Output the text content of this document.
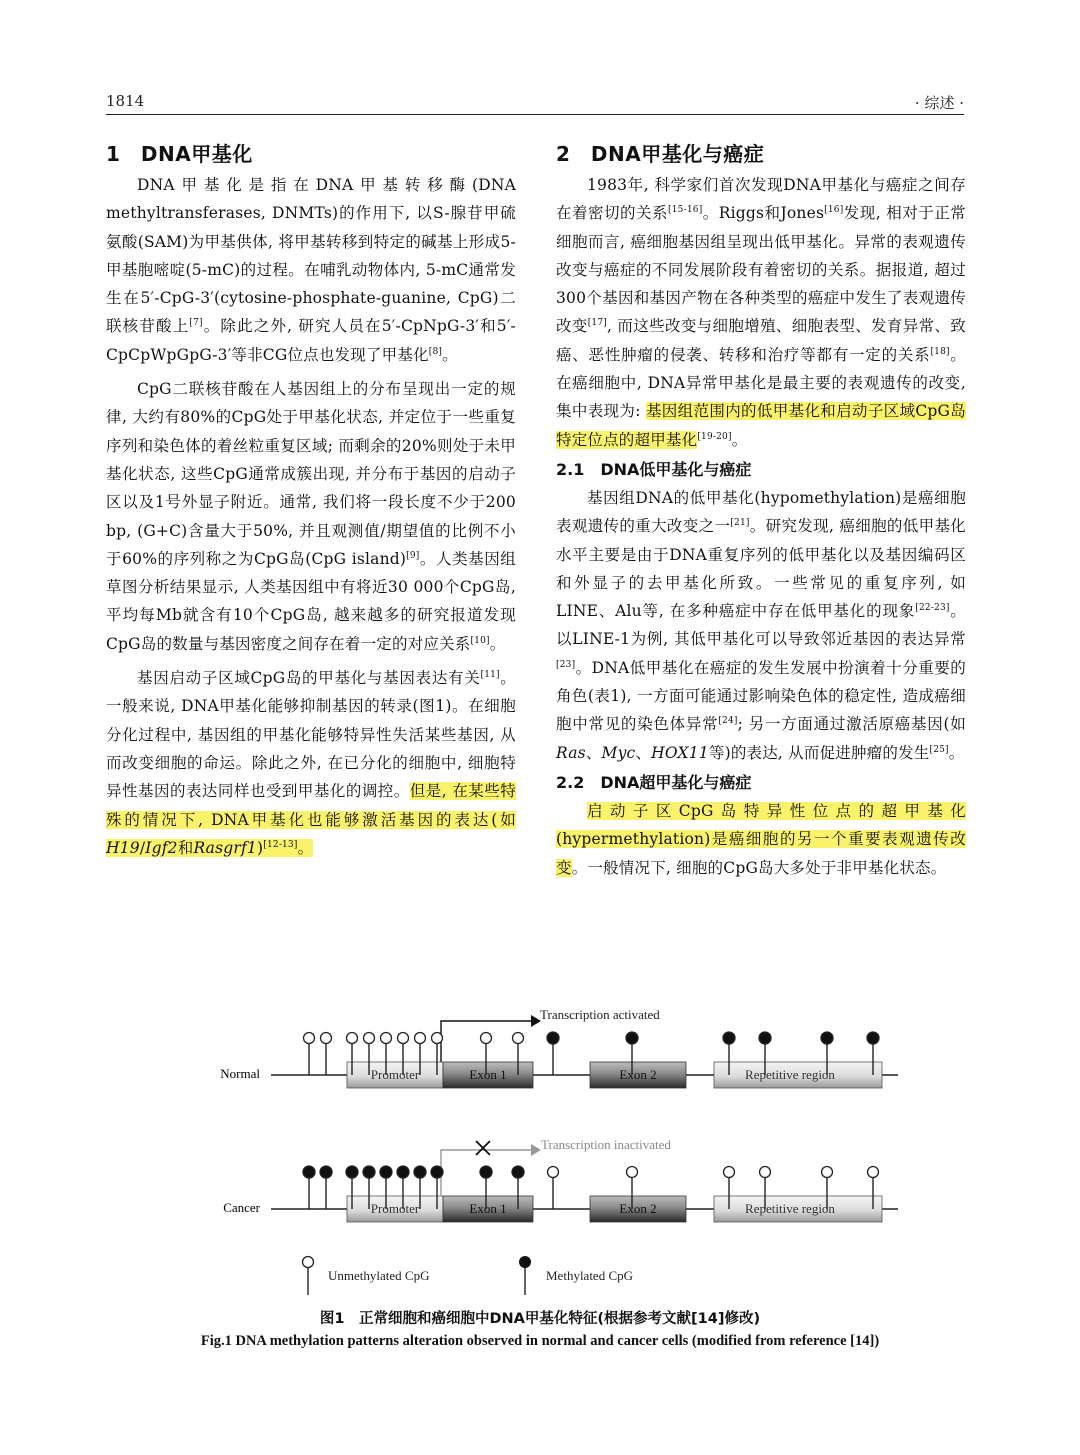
1814	· 综述 ·
1　DNA甲基化

DNA甲基化是指在DNA甲基转移酶(DNA methyltransferases, DNMTs)的作用下, 以S-腺苷甲硫氨酸(SAM)为甲基供体, 将甲基转移到特定的碱基上形成5-甲基胞嘧啶(5-mC)的过程。在哺乳动物体内, 5-mC通常发生在5′-CpG-3′(cytosine-phosphate-guanine, CpG)二联核苷酸上[7]。除此之外, 研究人员在5′-CpNpG-3′和5′-CpCpWpGpG-3′等非CG位点也发现了甲基化[8]。

CpG二联核苷酸在人基因组上的分布呈现出一定的规律, 大约有80%的CpG处于甲基化状态, 并定位于一些重复序列和染色体的着丝粒重复区域; 而剩余的20%则处于未甲基化状态, 这些CpG通常成簇出现, 并分布于基因的启动子区以及1号外显子附近。通常, 我们将一段长度不少于200 bp, (G+C)含量大于50%, 并且观测值/期望值的比例不小于60%的序列称之为CpG岛(CpG island)[9]。人类基因组草图分析结果显示, 人类基因组中有将近30 000个CpG岛, 平均每Mb就含有10个CpG岛, 越来越多的研究报道发现CpG岛的数量与基因密度之间存在着一定的对应关系[10]。

基因启动子区域CpG岛的甲基化与基因表达有关[11]。一般来说, DNA甲基化能够抑制基因的转录(图1)。在细胞分化过程中, 基因组的甲基化能够特异性失活某些基因, 从而改变细胞的命运。除此之外, 在已分化的细胞中, 细胞特异性基因的表达同样也受到甲基化的调控。但是, 在某些特殊的情况下, DNA甲基化也能够激活基因的表达(如H19/Igf2和Rasgrf1)[12-13]。

2　DNA甲基化与癌症

1983年, 科学家们首次发现DNA甲基化与癌症之间存在着密切的关系[15-16]。Riggs和Jones[16]发现, 相对于正常细胞而言, 癌细胞基因组呈现出低甲基化。异常的表观遗传改变与癌症的不同发展阶段有着密切的关系。据报道, 超过300个基因和基因产物在各种类型的癌症中发生了表观遗传改变[17], 而这些改变与细胞增殖、细胞表型、发育异常、致癌、恶性肿瘤的侵袭、转移和治疗等都有一定的关系[18]。在癌细胞中, DNA异常甲基化是最主要的表观遗传的改变, 集中表现为: 基因组范围内的低甲基化和启动子区域CpG岛特定位点的超甲基化[19-20]。

2.1　DNA低甲基化与癌症

基因组DNA的低甲基化(hypomethylation)是癌细胞表观遗传的重大改变之一[21]。研究发现, 癌细胞的低甲基化水平主要是由于DNA重复序列的低甲基化以及基因编码区和外显子的去甲基化所致。一些常见的重复序列, 如LINE、Alu等, 在多种癌症中存在低甲基化的现象[22-23]。以LINE-1为例, 其低甲基化可以导致邻近基因的表达异常[23]。DNA低甲基化在癌症的发生发展中扮演着十分重要的角色(表1), 一方面可能通过影响染色体的稳定性, 造成癌细胞中常见的染色体异常[24]; 另一方面通过激活原癌基因(如Ras、Myc、HOX11等)的表达, 从而促进肿瘤的发生[25]。

2.2　DNA超甲基化与癌症

启动子区CpG岛特异性位点的超甲基化(hypermethylation)是癌细胞的另一个重要表观遗传改变。一般情况下, 细胞的CpG岛大多处于非甲基化状态。

Normal	Promoter	Exon 1	Exon 2	Repetitive region
Transcription activated
Cancer	Promoter	Exon 1	Exon 2	Repetitive region
Transcription inactivated
Unmethylated CpG	Methylated CpG
图1　正常细胞和癌细胞中DNA甲基化特征(根据参考文献[14]修改)
Fig.1 DNA methylation patterns alteration observed in normal and cancer cells (modified from reference [14])
